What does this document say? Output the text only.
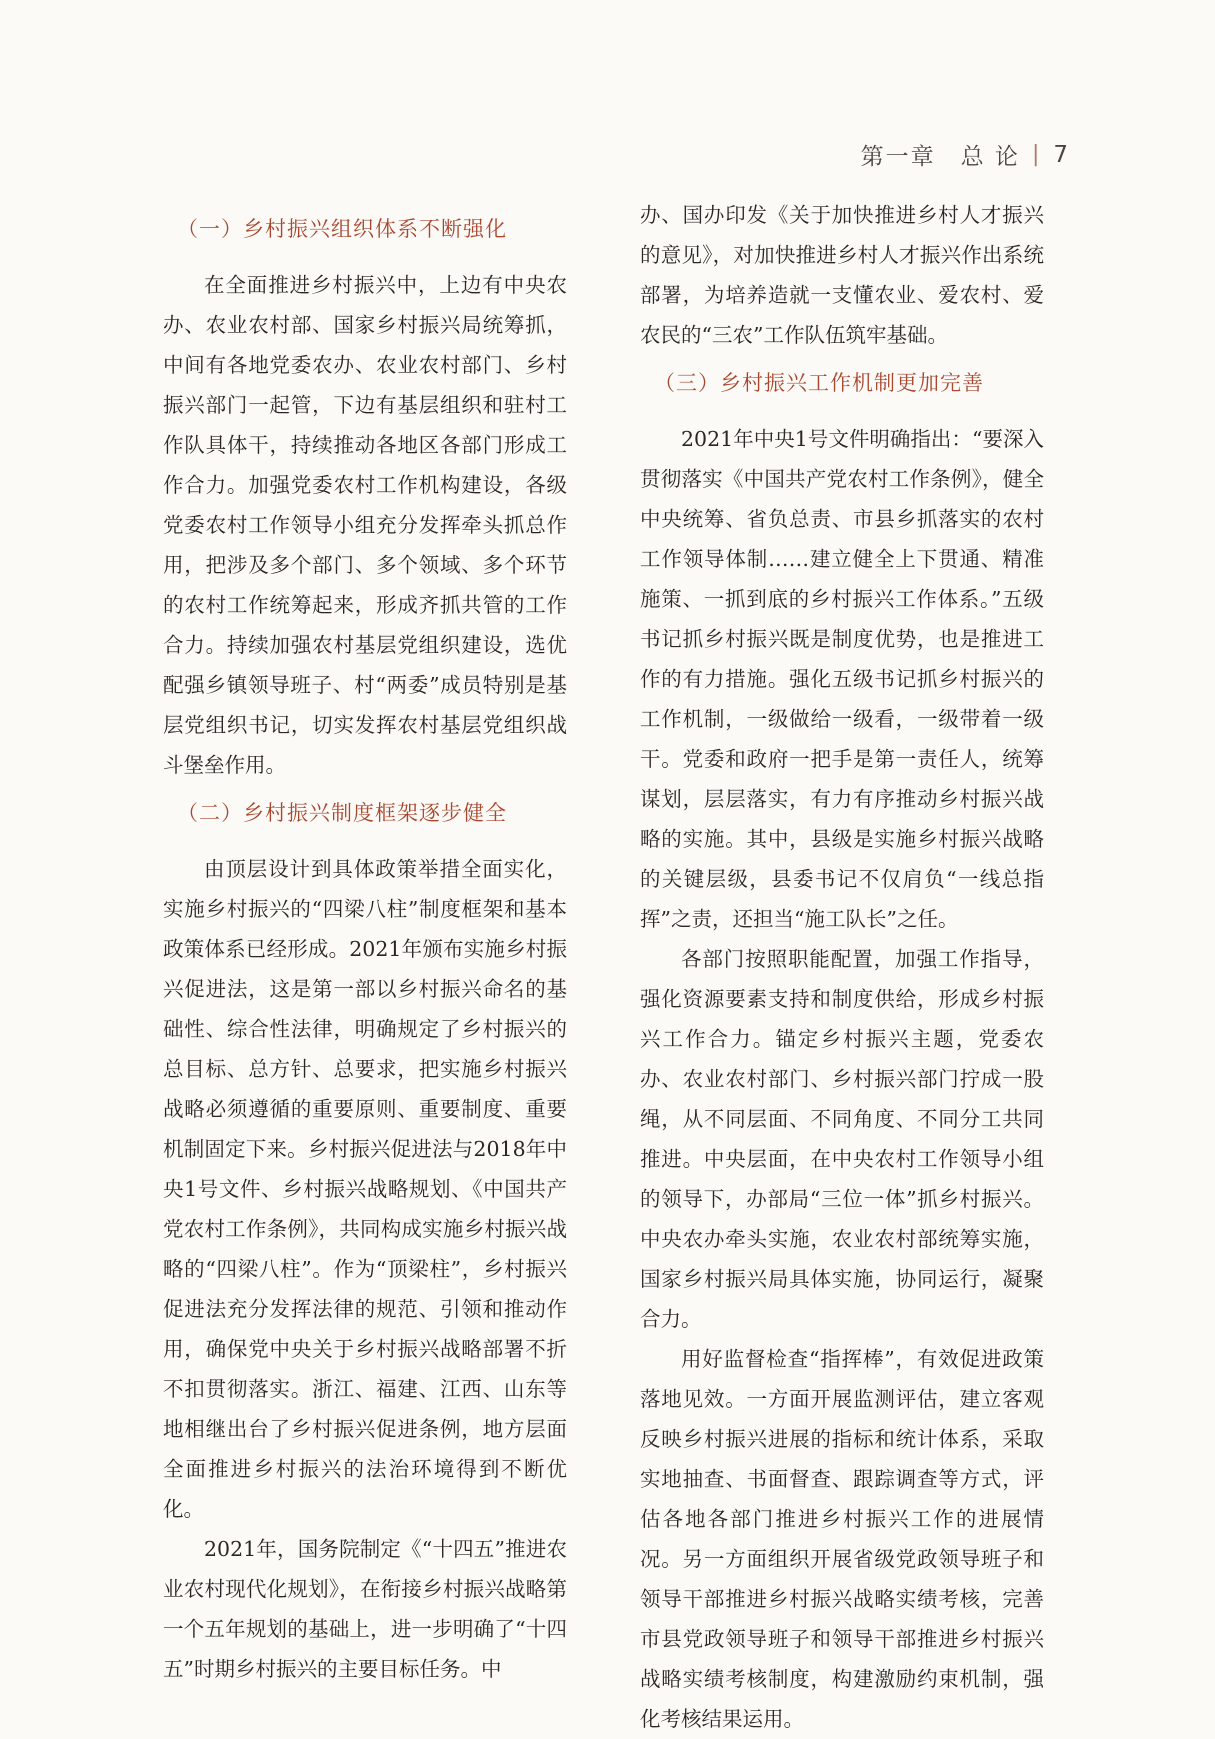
第一章　总 论 | 7
（一）乡村振兴组织体系不断强化

在全面推进乡村振兴中，上边有中央农办、农业农村部、国家乡村振兴局统筹抓，中间有各地党委农办、农业农村部门、乡村振兴部门一起管，下边有基层组织和驻村工作队具体干，持续推动各地区各部门形成工作合力。加强党委农村工作机构建设，各级党委农村工作领导小组充分发挥牵头抓总作用，把涉及多个部门、多个领域、多个环节的农村工作统筹起来，形成齐抓共管的工作合力。持续加强农村基层党组织建设，选优配强乡镇领导班子、村“两委”成员特别是基层党组织书记，切实发挥农村基层党组织战斗堡垒作用。

（二）乡村振兴制度框架逐步健全

由顶层设计到具体政策举措全面实化，实施乡村振兴的“四梁八柱”制度框架和基本政策体系已经形成。2021年颁布实施乡村振兴促进法，这是第一部以乡村振兴命名的基础性、综合性法律，明确规定了乡村振兴的总目标、总方针、总要求，把实施乡村振兴战略必须遵循的重要原则、重要制度、重要机制固定下来。乡村振兴促进法与2018年中央1号文件、乡村振兴战略规划、《中国共产党农村工作条例》，共同构成实施乡村振兴战略的“四梁八柱”。作为“顶梁柱”，乡村振兴促进法充分发挥法律的规范、引领和推动作用，确保党中央关于乡村振兴战略部署不折不扣贯彻落实。浙江、福建、江西、山东等地相继出台了乡村振兴促进条例，地方层面全面推进乡村振兴的法治环境得到不断优化。

2021年，国务院制定《“十四五”推进农业农村现代化规划》，在衔接乡村振兴战略第一个五年规划的基础上，进一步明确了“十四五”时期乡村振兴的主要目标任务。中

办、国办印发《关于加快推进乡村人才振兴的意见》，对加快推进乡村人才振兴作出系统部署，为培养造就一支懂农业、爱农村、爱农民的“三农”工作队伍筑牢基础。

（三）乡村振兴工作机制更加完善

2021年中央1号文件明确指出：“要深入贯彻落实《中国共产党农村工作条例》，健全中央统筹、省负总责、市县乡抓落实的农村工作领导体制……建立健全上下贯通、精准施策、一抓到底的乡村振兴工作体系。”五级书记抓乡村振兴既是制度优势，也是推进工作的有力措施。强化五级书记抓乡村振兴的工作机制，一级做给一级看，一级带着一级干。党委和政府一把手是第一责任人，统筹谋划，层层落实，有力有序推动乡村振兴战略的实施。其中，县级是实施乡村振兴战略的关键层级，县委书记不仅肩负“一线总指挥”之责，还担当“施工队长”之任。

各部门按照职能配置，加强工作指导，强化资源要素支持和制度供给，形成乡村振兴工作合力。锚定乡村振兴主题，党委农办、农业农村部门、乡村振兴部门拧成一股绳，从不同层面、不同角度、不同分工共同推进。中央层面，在中央农村工作领导小组的领导下，办部局“三位一体”抓乡村振兴。中央农办牵头实施，农业农村部统筹实施，国家乡村振兴局具体实施，协同运行，凝聚合力。

用好监督检查“指挥棒”，有效促进政策落地见效。一方面开展监测评估，建立客观反映乡村振兴进展的指标和统计体系，采取实地抽查、书面督查、跟踪调查等方式，评估各地各部门推进乡村振兴工作的进展情况。另一方面组织开展省级党政领导班子和领导干部推进乡村振兴战略实绩考核，完善市县党政领导班子和领导干部推进乡村振兴战略实绩考核制度，构建激励约束机制，强化考核结果运用。
